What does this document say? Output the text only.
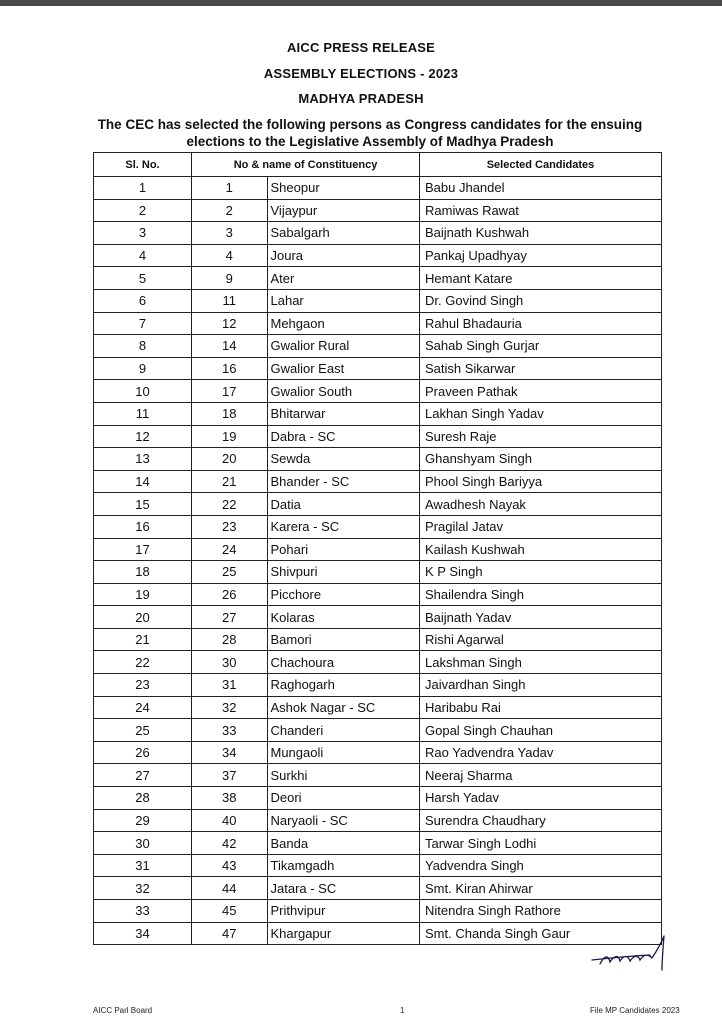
AICC PRESS RELEASE
ASSEMBLY ELECTIONS - 2023
MADHYA PRADESH
The CEC has selected the following persons as Congress candidates for the ensuing elections to the Legislative Assembly of Madhya Pradesh
Sl. No.	No & name of Constituency		Selected Candidates
1	1	Sheopur	Babu Jhandel
2	2	Vijaypur	Ramiwas Rawat
3	3	Sabalgarh	Baijnath Kushwah
4	4	Joura	Pankaj Upadhyay
5	9	Ater	Hemant Katare
6	11	Lahar	Dr. Govind Singh
7	12	Mehgaon	Rahul Bhadauria
8	14	Gwalior Rural	Sahab Singh Gurjar
9	16	Gwalior East	Satish Sikarwar
10	17	Gwalior South	Praveen Pathak
11	18	Bhitarwar	Lakhan Singh Yadav
12	19	Dabra - SC	Suresh Raje
13	20	Sewda	Ghanshyam Singh
14	21	Bhander - SC	Phool Singh Bariyya
15	22	Datia	Awadhesh Nayak
16	23	Karera - SC	Pragilal Jatav
17	24	Pohari	Kailash Kushwah
18	25	Shivpuri	K P Singh
19	26	Picchore	Shailendra Singh
20	27	Kolaras	Baijnath Yadav
21	28	Bamori	Rishi Agarwal
22	30	Chachoura	Lakshman Singh
23	31	Raghogarh	Jaivardhan Singh
24	32	Ashok Nagar - SC	Haribabu Rai
25	33	Chanderi	Gopal Singh Chauhan
26	34	Mungaoli	Rao Yadvendra Yadav
27	37	Surkhi	Neeraj Sharma
28	38	Deori	Harsh Yadav
29	40	Naryaoli - SC	Surendra Chaudhary
30	42	Banda	Tarwar Singh Lodhi
31	43	Tikamgadh	Yadvendra Singh
32	44	Jatara - SC	Smt. Kiran Ahirwar
33	45	Prithvipur	Nitendra Singh Rathore
34	47	Khargapur	Smt. Chanda Singh Gaur
AICC Parl Board	1	File MP Candidates 2023
